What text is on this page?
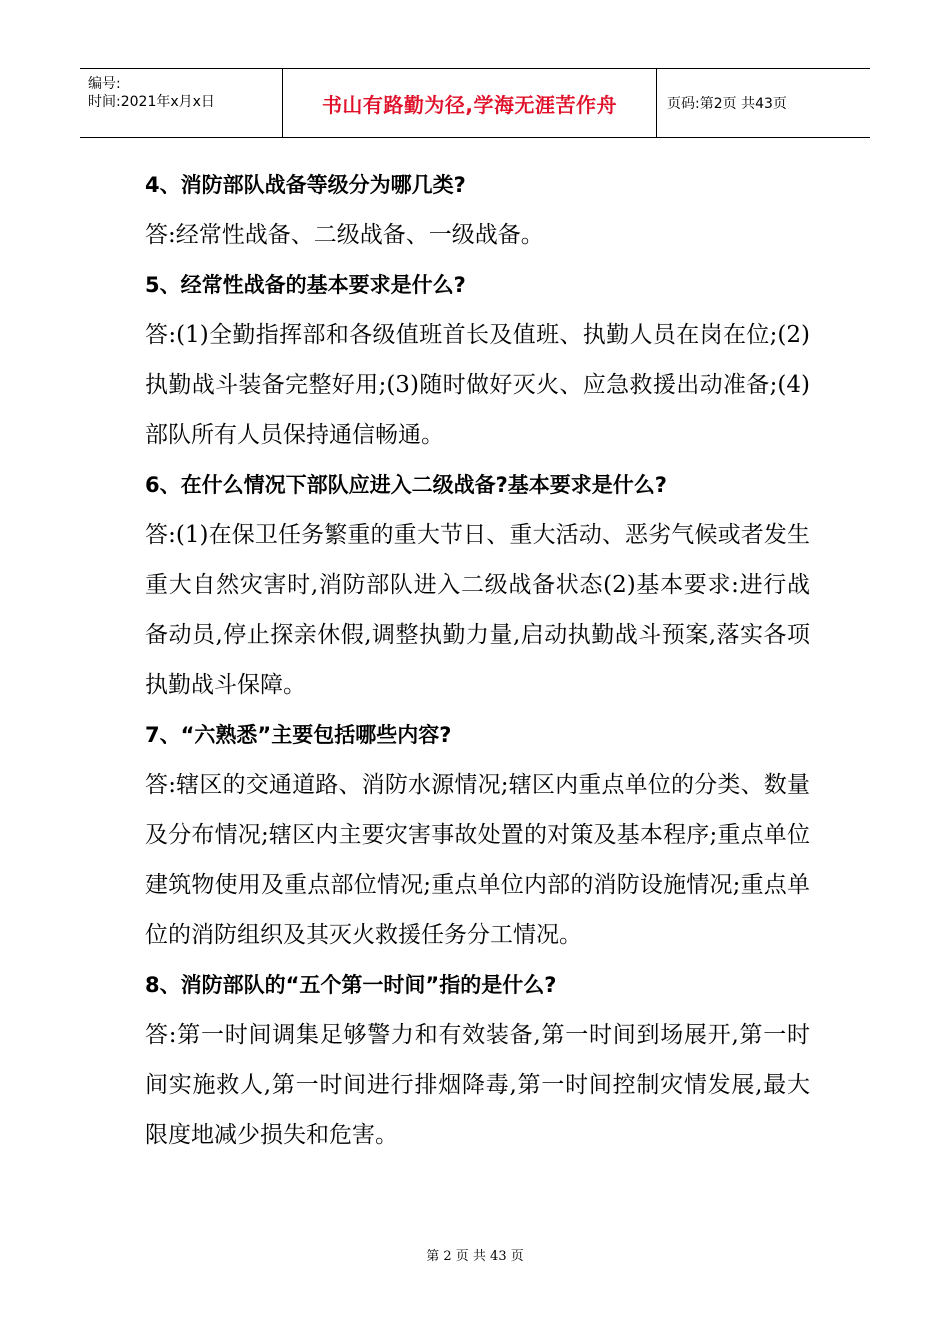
编号:
时间:2021年x月x日	书山有路勤为径,学海无涯苦作舟	页码:第2页 共43页

4、消防部队战备等级分为哪几类?

答:经常性战备、二级战备、一级战备。

5、经常性战备的基本要求是什么?

答:(1)全勤指挥部和各级值班首长及值班、执勤人员在岗在位;(2)执勤战斗装备完整好用;(3)随时做好灭火、应急救援出动准备;(4)部队所有人员保持通信畅通。

6、在什么情况下部队应进入二级战备?基本要求是什么?

答:(1)在保卫任务繁重的重大节日、重大活动、恶劣气候或者发生重大自然灾害时,消防部队进入二级战备状态(2)基本要求:进行战备动员,停止探亲休假,调整执勤力量,启动执勤战斗预案,落实各项执勤战斗保障。

7、“六熟悉”主要包括哪些内容?

答:辖区的交通道路、消防水源情况;辖区内重点单位的分类、数量及分布情况;辖区内主要灾害事故处置的对策及基本程序;重点单位建筑物使用及重点部位情况;重点单位内部的消防设施情况;重点单位的消防组织及其灭火救援任务分工情况。

8、消防部队的“五个第一时间”指的是什么?

答:第一时间调集足够警力和有效装备,第一时间到场展开,第一时间实施救人,第一时间进行排烟降毒,第一时间控制灾情发展,最大限度地减少损失和危害。

第 2 页 共 43 页
